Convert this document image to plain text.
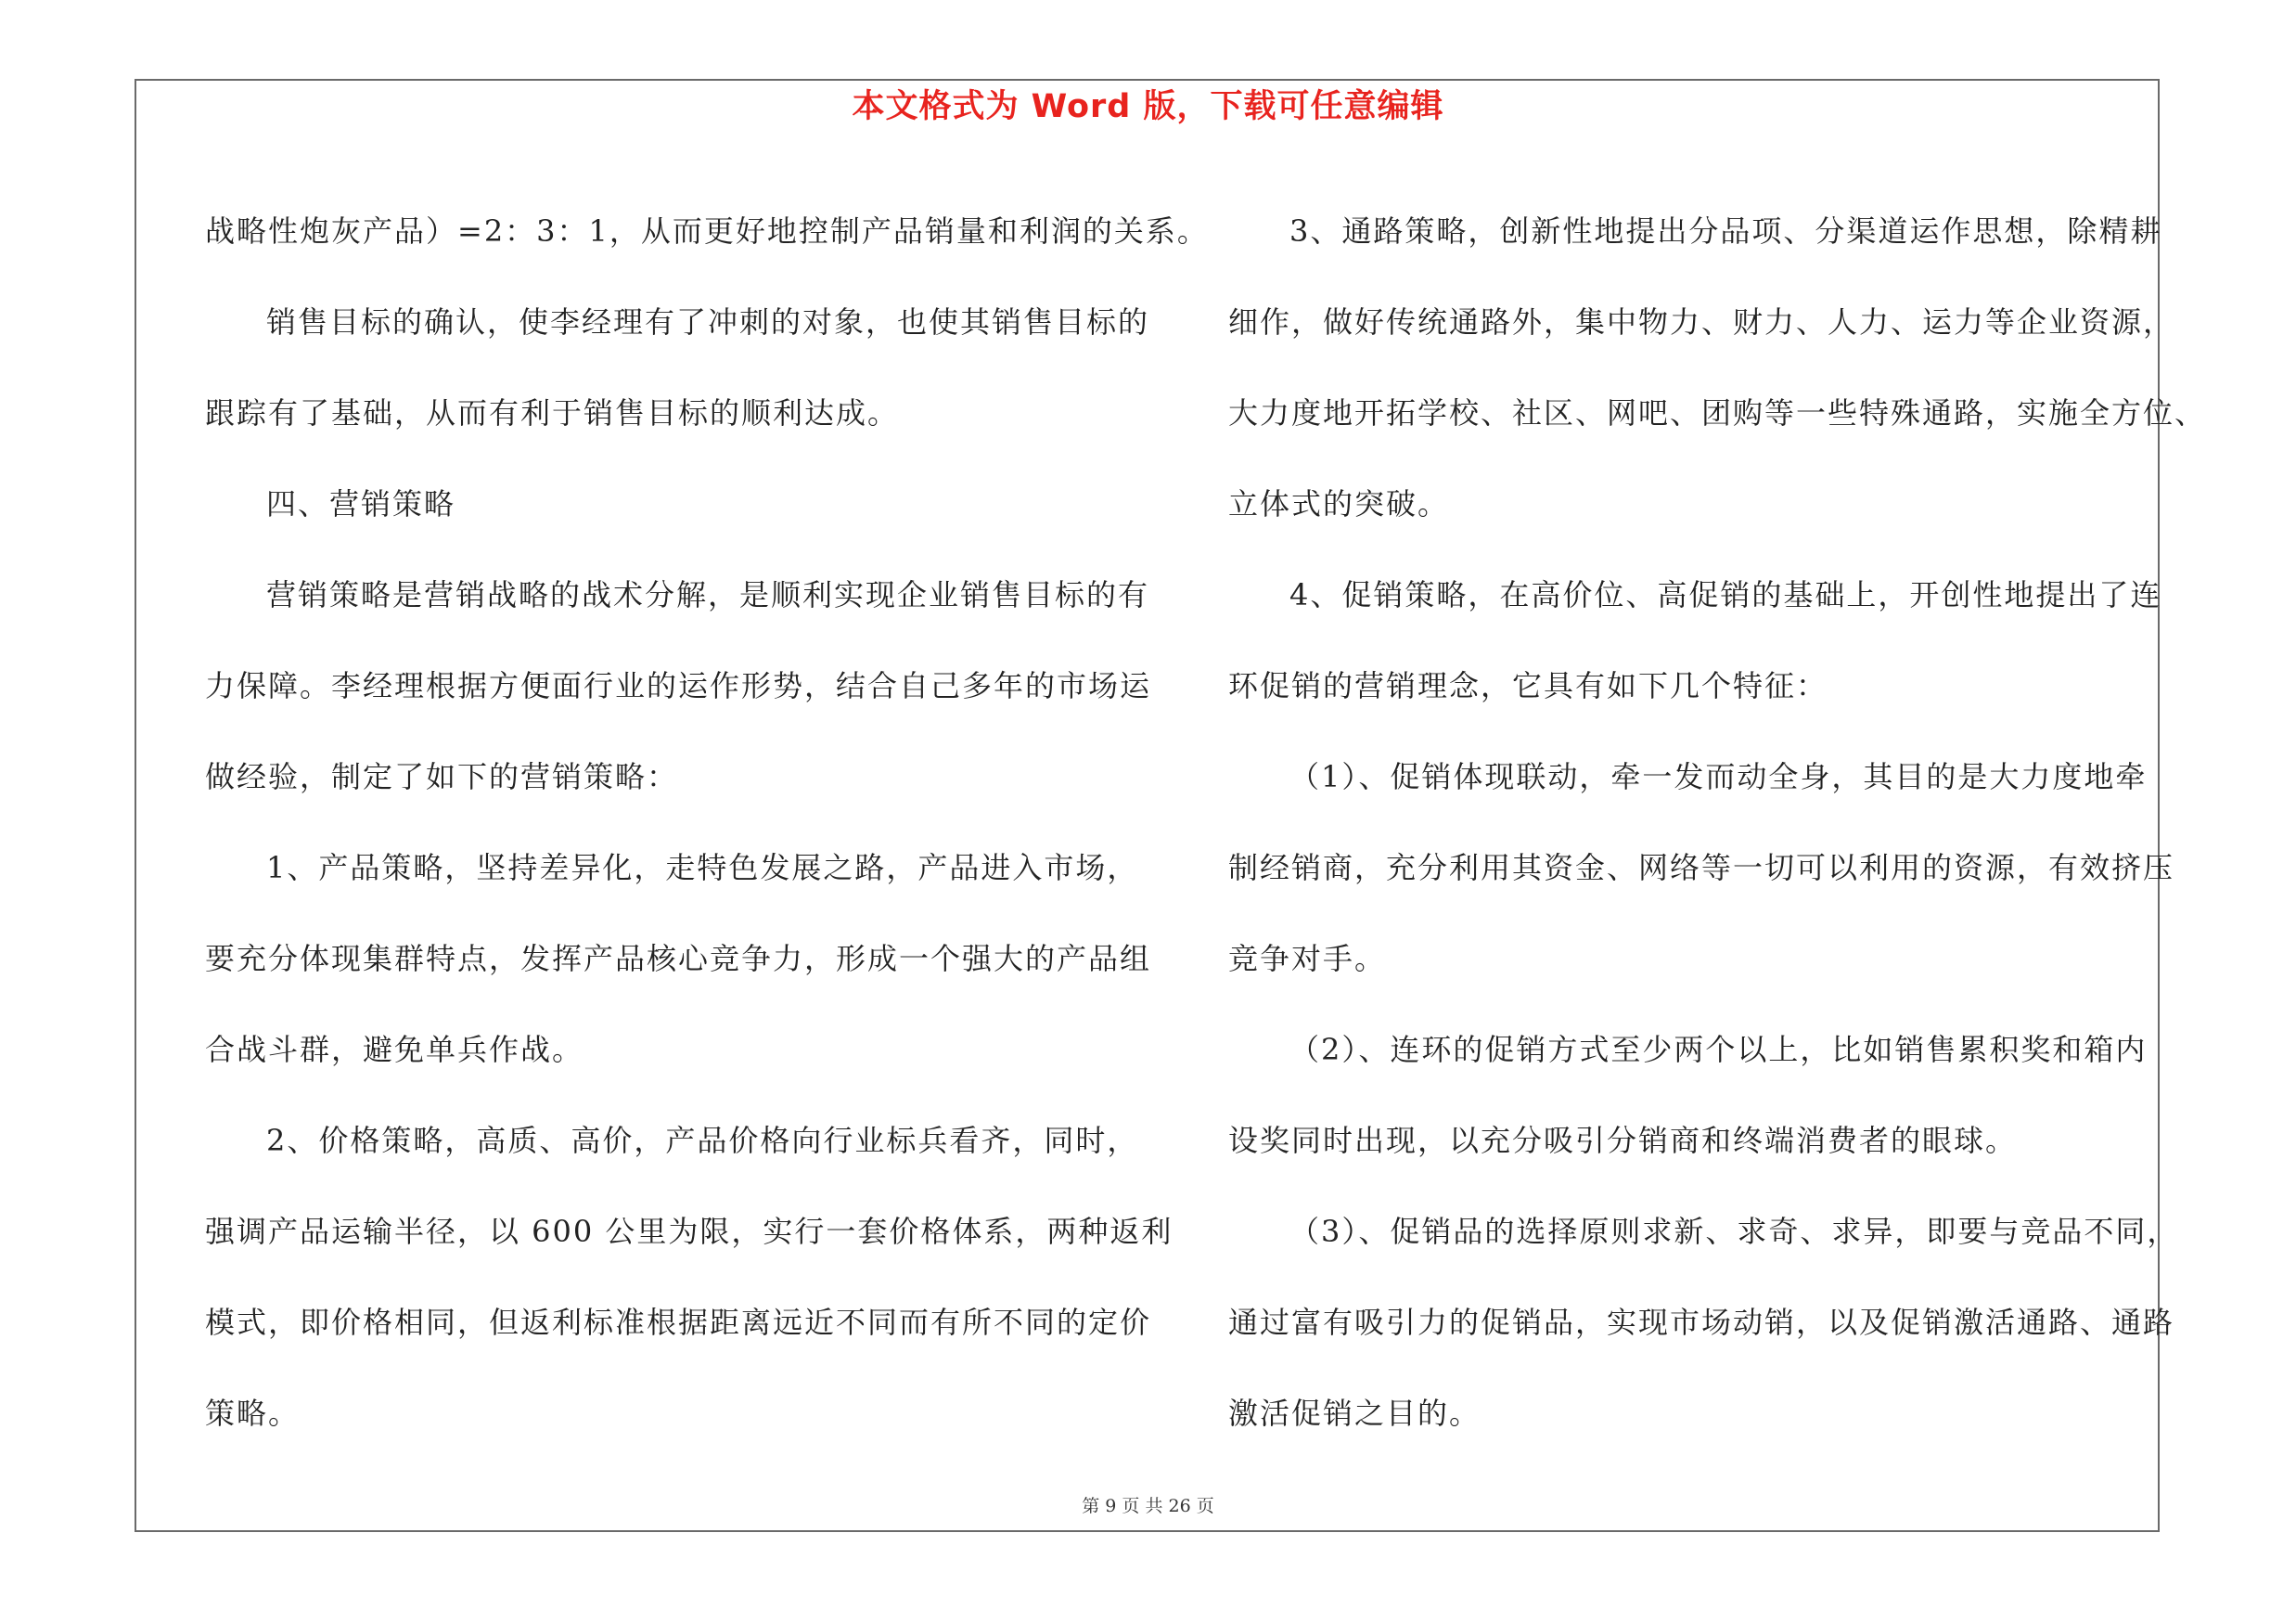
本文格式为 Word 版，下载可任意编辑
战略性炮灰产品）=2：3：1，从而更好地控制产品销量和利润的关系。
销售目标的确认，使李经理有了冲刺的对象，也使其销售目标的
跟踪有了基础，从而有利于销售目标的顺利达成。
四、营销策略
营销策略是营销战略的战术分解，是顺利实现企业销售目标的有
力保障。李经理根据方便面行业的运作形势，结合自己多年的市场运
做经验，制定了如下的营销策略：
1、产品策略，坚持差异化，走特色发展之路，产品进入市场，
要充分体现集群特点，发挥产品核心竞争力，形成一个强大的产品组
合战斗群，避免单兵作战。
2、价格策略，高质、高价，产品价格向行业标兵看齐，同时，
强调产品运输半径，以 600 公里为限，实行一套价格体系，两种返利
模式，即价格相同，但返利标准根据距离远近不同而有所不同的定价
策略。
3、通路策略，创新性地提出分品项、分渠道运作思想，除精耕
细作，做好传统通路外，集中物力、财力、人力、运力等企业资源，
大力度地开拓学校、社区、网吧、团购等一些特殊通路，实施全方位、
立体式的突破。
4、促销策略，在高价位、高促销的基础上，开创性地提出了连
环促销的营销理念，它具有如下几个特征：
（1）、促销体现联动，牵一发而动全身，其目的是大力度地牵
制经销商，充分利用其资金、网络等一切可以利用的资源，有效挤压
竞争对手。
（2）、连环的促销方式至少两个以上，比如销售累积奖和箱内
设奖同时出现，以充分吸引分销商和终端消费者的眼球。
（3）、促销品的选择原则求新、求奇、求异，即要与竞品不同，
通过富有吸引力的促销品，实现市场动销，以及促销激活通路、通路
激活促销之目的。
第 9 页 共 26 页
